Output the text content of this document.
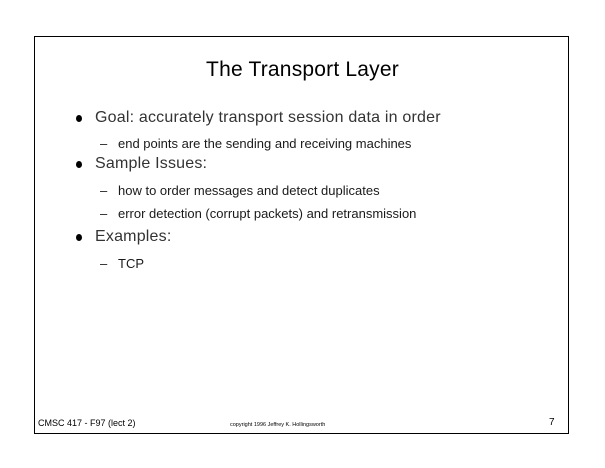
The Transport Layer
Goal: accurately transport session data in order
– end points are the sending and receiving machines
Sample Issues:
– how to order messages and detect duplicates
– error detection (corrupt packets) and retransmission
Examples:
– TCP
CMSC 417 - F97 (lect 2)	copyright 1996 Jeffrey K. Hollingsworth	7
